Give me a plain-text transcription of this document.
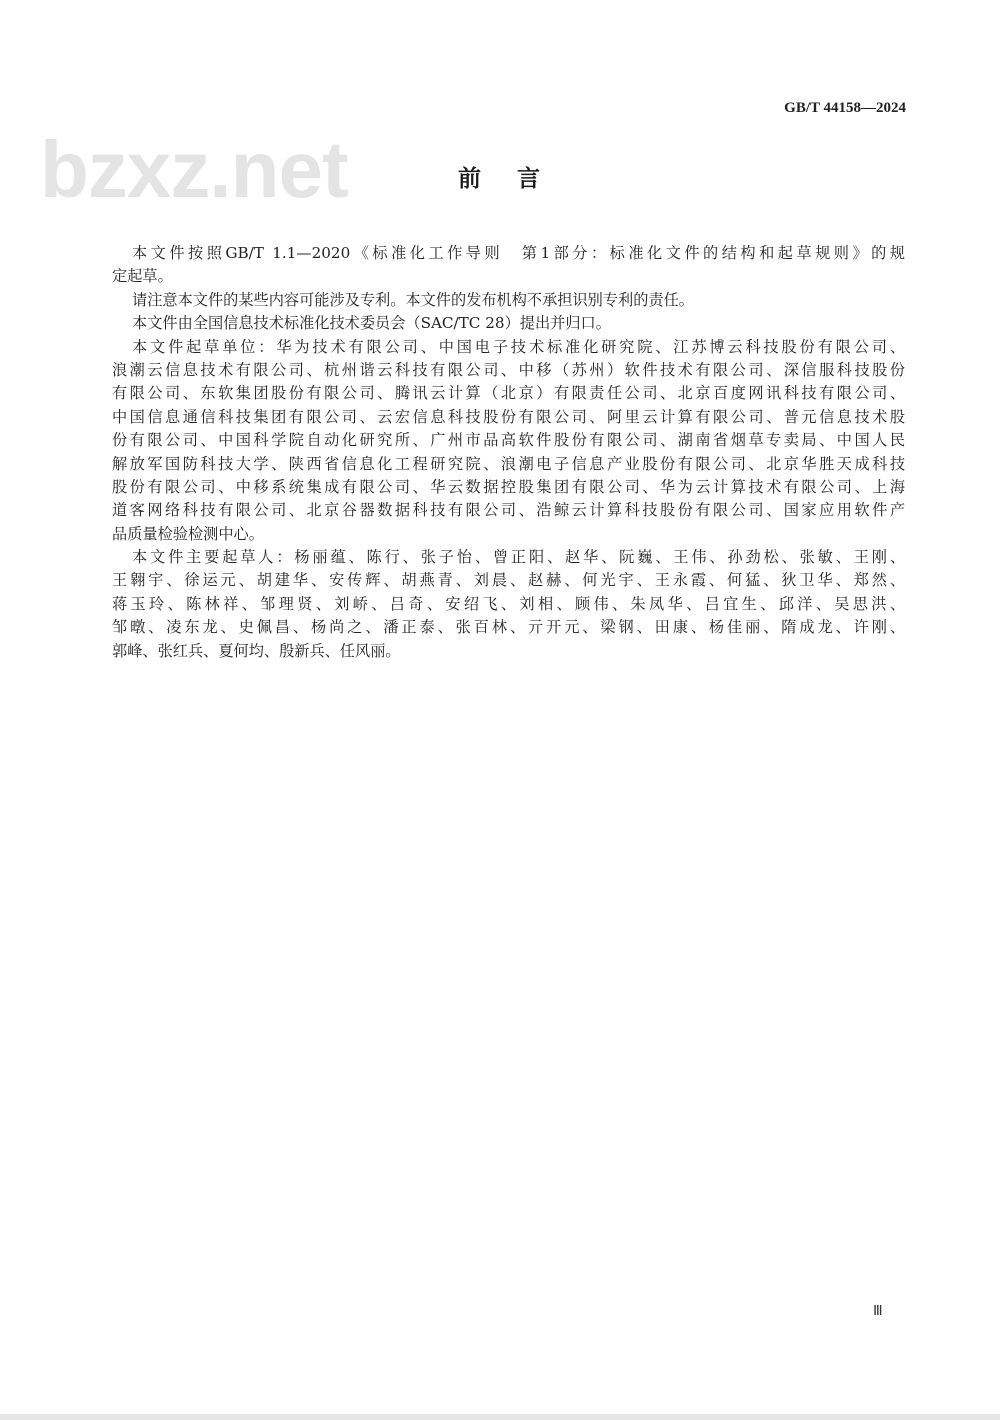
GB/T 44158—2024
bzxz.net	前 言
本文件按照GB/T 1.1—2020《标准化工作导则　第1部分：标准化文件的结构和起草规则》的规
定起草。
请注意本文件的某些内容可能涉及专利。本文件的发布机构不承担识别专利的责任。
本文件由全国信息技术标准化技术委员会（SAC/TC 28）提出并归口。
本文件起草单位：华为技术有限公司、中国电子技术标准化研究院、江苏博云科技股份有限公司、
浪潮云信息技术有限公司、杭州谐云科技有限公司、中移（苏州）软件技术有限公司、深信服科技股份
有限公司、东软集团股份有限公司、腾讯云计算（北京）有限责任公司、北京百度网讯科技有限公司、
中国信息通信科技集团有限公司、云宏信息科技股份有限公司、阿里云计算有限公司、普元信息技术股
份有限公司、中国科学院自动化研究所、广州市品高软件股份有限公司、湖南省烟草专卖局、中国人民
解放军国防科技大学、陕西省信息化工程研究院、浪潮电子信息产业股份有限公司、北京华胜天成科技
股份有限公司、中移系统集成有限公司、华云数据控股集团有限公司、华为云计算技术有限公司、上海
道客网络科技有限公司、北京谷器数据科技有限公司、浩鲸云计算科技股份有限公司、国家应用软件产
品质量检验检测中心。
本文件主要起草人：杨丽蕴、陈行、张子怡、曾正阳、赵华、阮巍、王伟、孙劲松、张敏、王刚、
王翱宇、徐运元、胡建华、安传辉、胡燕青、刘晨、赵赫、何光宇、王永霞、何猛、狄卫华、郑然、
蒋玉玲、陈林祥、邹理贤、刘峤、吕奇、安绍飞、刘相、顾伟、朱凤华、吕宜生、邱洋、吴思洪、
邹暾、凌东龙、史佩昌、杨尚之、潘正泰、张百林、亓开元、梁钢、田康、杨佳丽、隋成龙、许刚、
郭峰、张红兵、夏何均、殷新兵、任风丽。
Ⅲ
